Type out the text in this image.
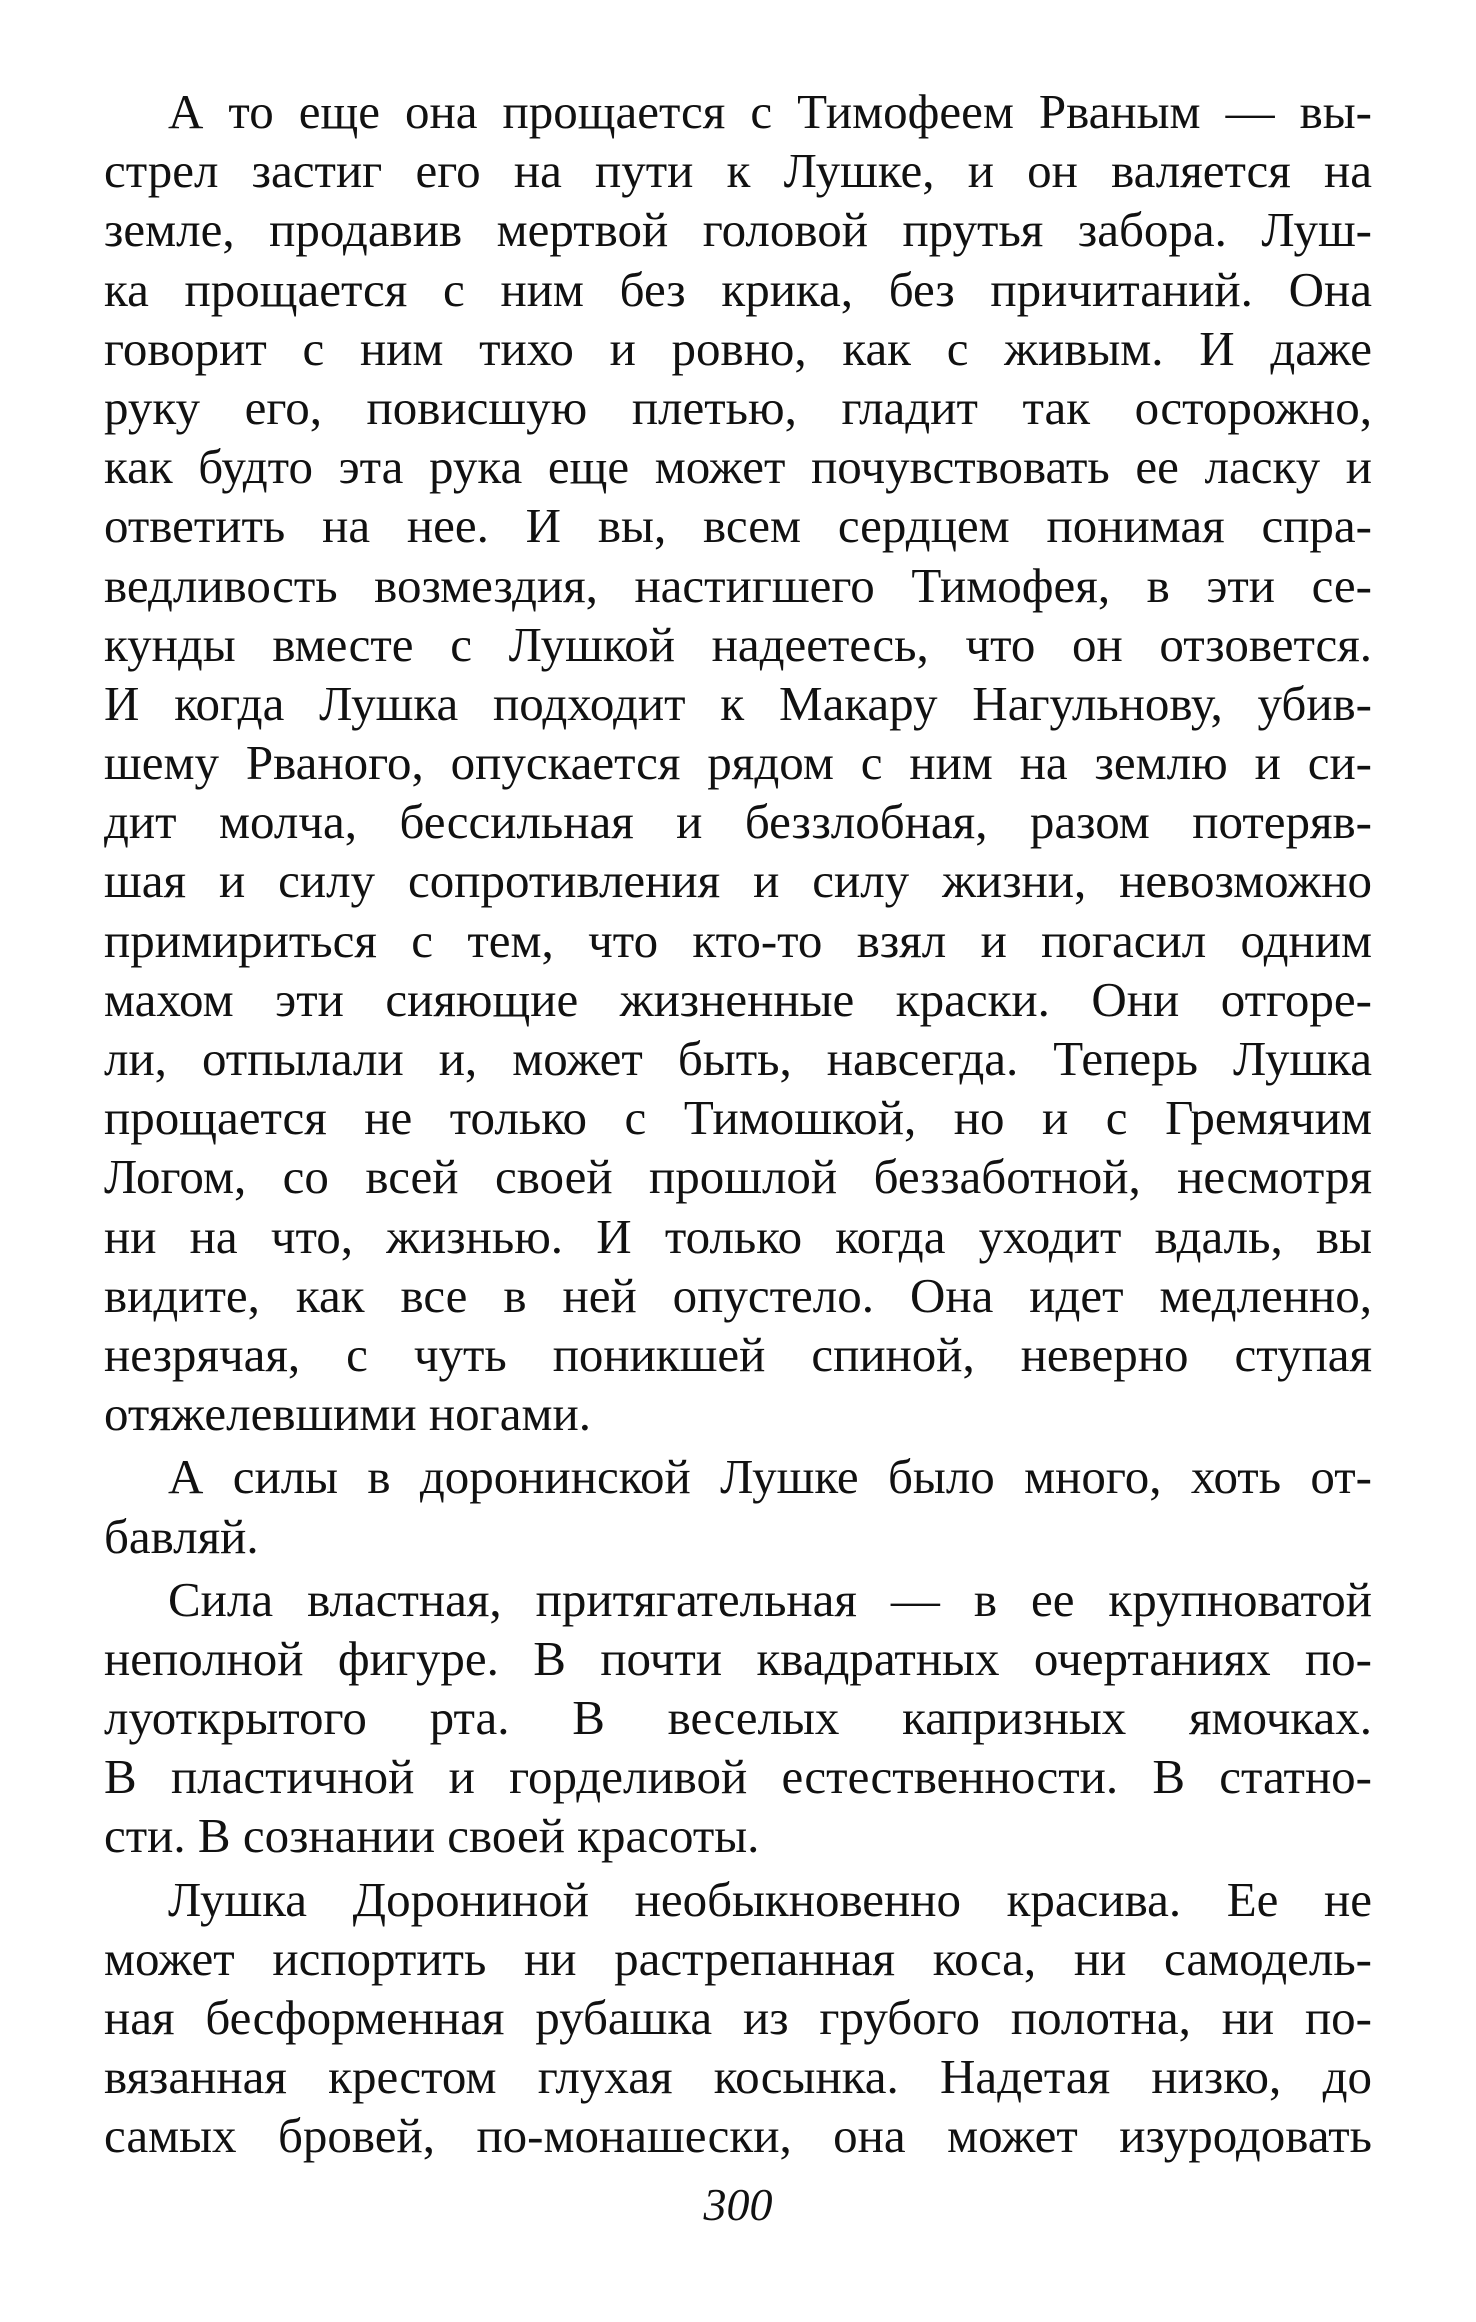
А то еще она прощается с Тимофеем Рваным — вы-
стрел застиг его на пути к Лушке, и он валяется на
земле, продавив мертвой головой прутья забора. Луш-
ка прощается с ним без крика, без причитаний. Она
говорит с ним тихо и ровно, как с живым. И даже
руку его, повисшую плетью, гладит так осторожно,
как будто эта рука еще может почувствовать ее ласку и
ответить на нее. И вы, всем сердцем понимая спра-
ведливость возмездия, настигшего Тимофея, в эти се-
кунды вместе с Лушкой надеетесь, что он отзовется.
И когда Лушка подходит к Макару Нагульнову, убив-
шему Рваного, опускается рядом с ним на землю и си-
дит молча, бессильная и беззлобная, разом потеряв-
шая и силу сопротивления и силу жизни, невозможно
примириться с тем, что кто-то взял и погасил одним
махом эти сияющие жизненные краски. Они отгоре-
ли, отпылали и, может быть, навсегда. Теперь Лушка
прощается не только с Тимошкой, но и с Гремячим
Логом, со всей своей прошлой беззаботной, несмотря
ни на что, жизнью. И только когда уходит вдаль, вы
видите, как все в ней опустело. Она идет медленно,
незрячая, с чуть поникшей спиной, неверно ступая
отяжелевшими ногами.
А силы в доронинской Лушке было много, хоть от-
бавляй.
Сила властная, притягательная — в ее крупноватой
неполной фигуре. В почти квадратных очертаниях по-
луоткрытого рта. В веселых капризных ямочках.
В пластичной и горделивой естественности. В статно-
сти. В сознании своей красоты.
Лушка Дорониной необыкновенно красива. Ее не
может испортить ни растрепанная коса, ни самодель-
ная бесформенная рубашка из грубого полотна, ни по-
вязанная крестом глухая косынка. Надетая низко, до
самых бровей, по-монашески, она может изуродовать
300
